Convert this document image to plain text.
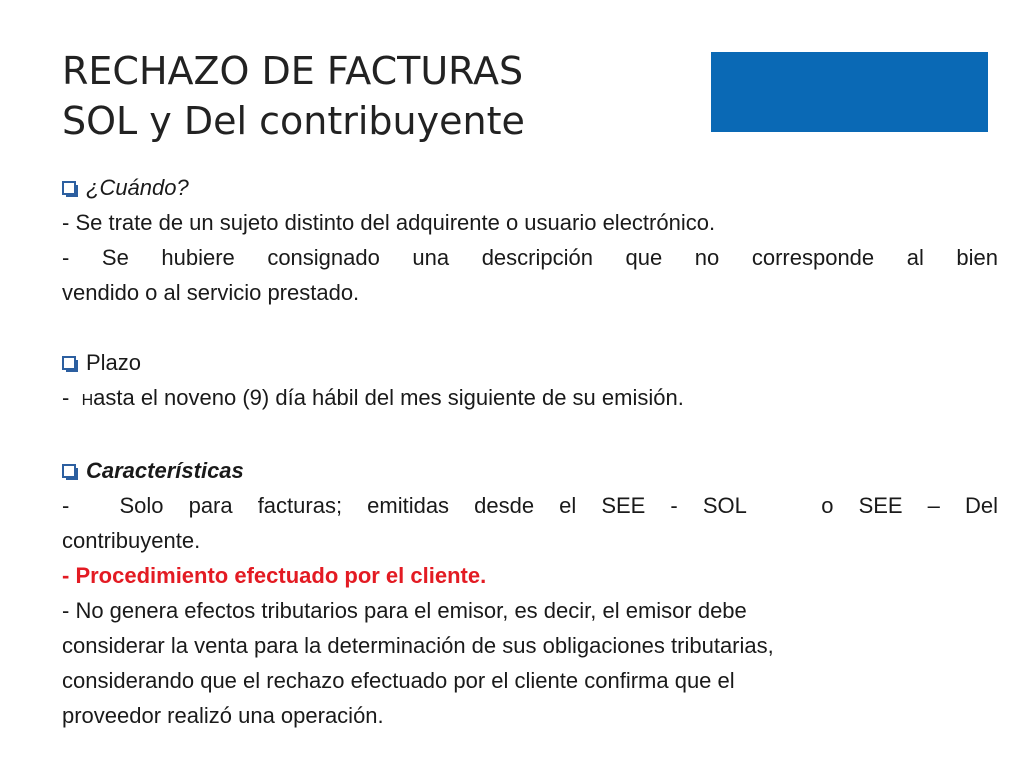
RECHAZO DE FACTURAS
SOL y Del contribuyente
¿Cuándo?

- Se trate de un sujeto distinto del adquirente o usuario electrónico.

- Se hubiere consignado una descripción que no corresponde al bien

vendido o al servicio prestado.

Plazo

-  Hasta el noveno (9) día hábil del mes siguiente de su emisión.

Características

-  Solo para facturas; emitidas desde el SEE - SOL   o SEE – Del

contribuyente.

- Procedimiento efectuado por el cliente.

- No genera efectos tributarios para el emisor, es decir, el emisor debe

considerar la venta para la determinación de sus obligaciones tributarias,

considerando que el rechazo efectuado por el cliente confirma que el

proveedor realizó una operación.
